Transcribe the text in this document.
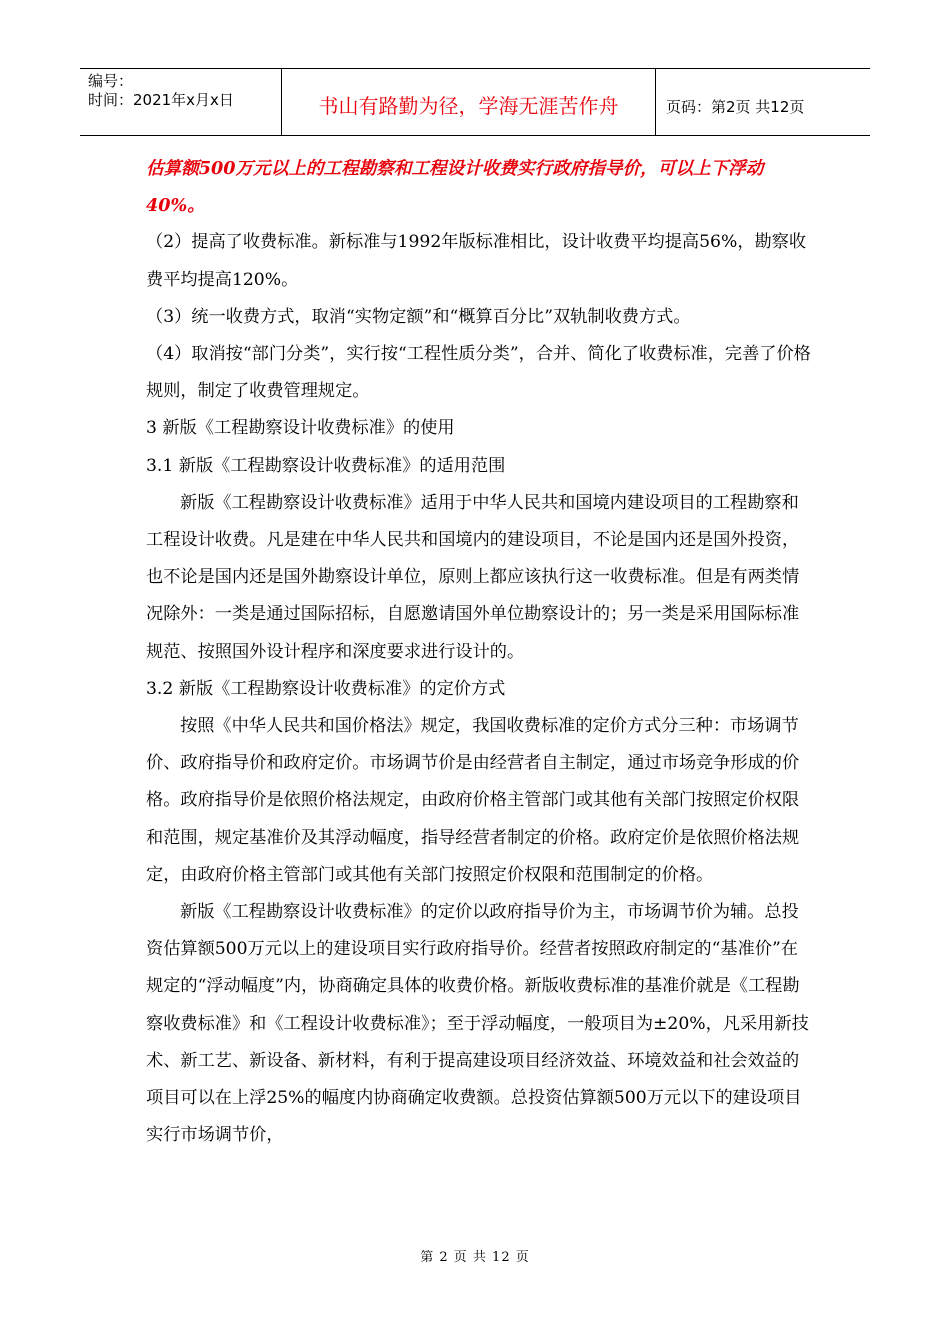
编号：
时间：2021年x月x日	书山有路勤为径，学海无涯苦作舟	页码：第2页 共12页

估算额500万元以上的工程勘察和工程设计收费实行政府指导价，可以上下浮动40%。

（2）提高了收费标准。新标准与1992年版标准相比，设计收费平均提高56%，勘察收费平均提高120%。

（3）统一收费方式，取消“实物定额”和“概算百分比”双轨制收费方式。

（4）取消按“部门分类”，实行按“工程性质分类”，合并、简化了收费标准，完善了价格规则，制定了收费管理规定。

3 新版《工程勘察设计收费标准》的使用

3.1 新版《工程勘察设计收费标准》的适用范围

新版《工程勘察设计收费标准》适用于中华人民共和国境内建设项目的工程勘察和工程设计收费。凡是建在中华人民共和国境内的建设项目，不论是国内还是国外投资，也不论是国内还是国外勘察设计单位，原则上都应该执行这一收费标准。但是有两类情况除外：一类是通过国际招标，自愿邀请国外单位勘察设计的；另一类是采用国际标准规范、按照国外设计程序和深度要求进行设计的。

3.2 新版《工程勘察设计收费标准》的定价方式

按照《中华人民共和国价格法》规定，我国收费标准的定价方式分三种：市场调节价、政府指导价和政府定价。市场调节价是由经营者自主制定，通过市场竞争形成的价格。政府指导价是依照价格法规定，由政府价格主管部门或其他有关部门按照定价权限和范围，规定基准价及其浮动幅度，指导经营者制定的价格。政府定价是依照价格法规定，由政府价格主管部门或其他有关部门按照定价权限和范围制定的价格。

新版《工程勘察设计收费标准》的定价以政府指导价为主，市场调节价为辅。总投资估算额500万元以上的建设项目实行政府指导价。经营者按照政府制定的“基准价”在规定的“浮动幅度”内，协商确定具体的收费价格。新版收费标准的基准价就是《工程勘察收费标准》和《工程设计收费标准》；至于浮动幅度，一般项目为±20%，凡采用新技术、新工艺、新设备、新材料，有利于提高建设项目经济效益、环境效益和社会效益的项目可以在上浮25%的幅度内协商确定收费额。总投资估算额500万元以下的建设项目实行市场调节价，

第 2 页 共 12 页
